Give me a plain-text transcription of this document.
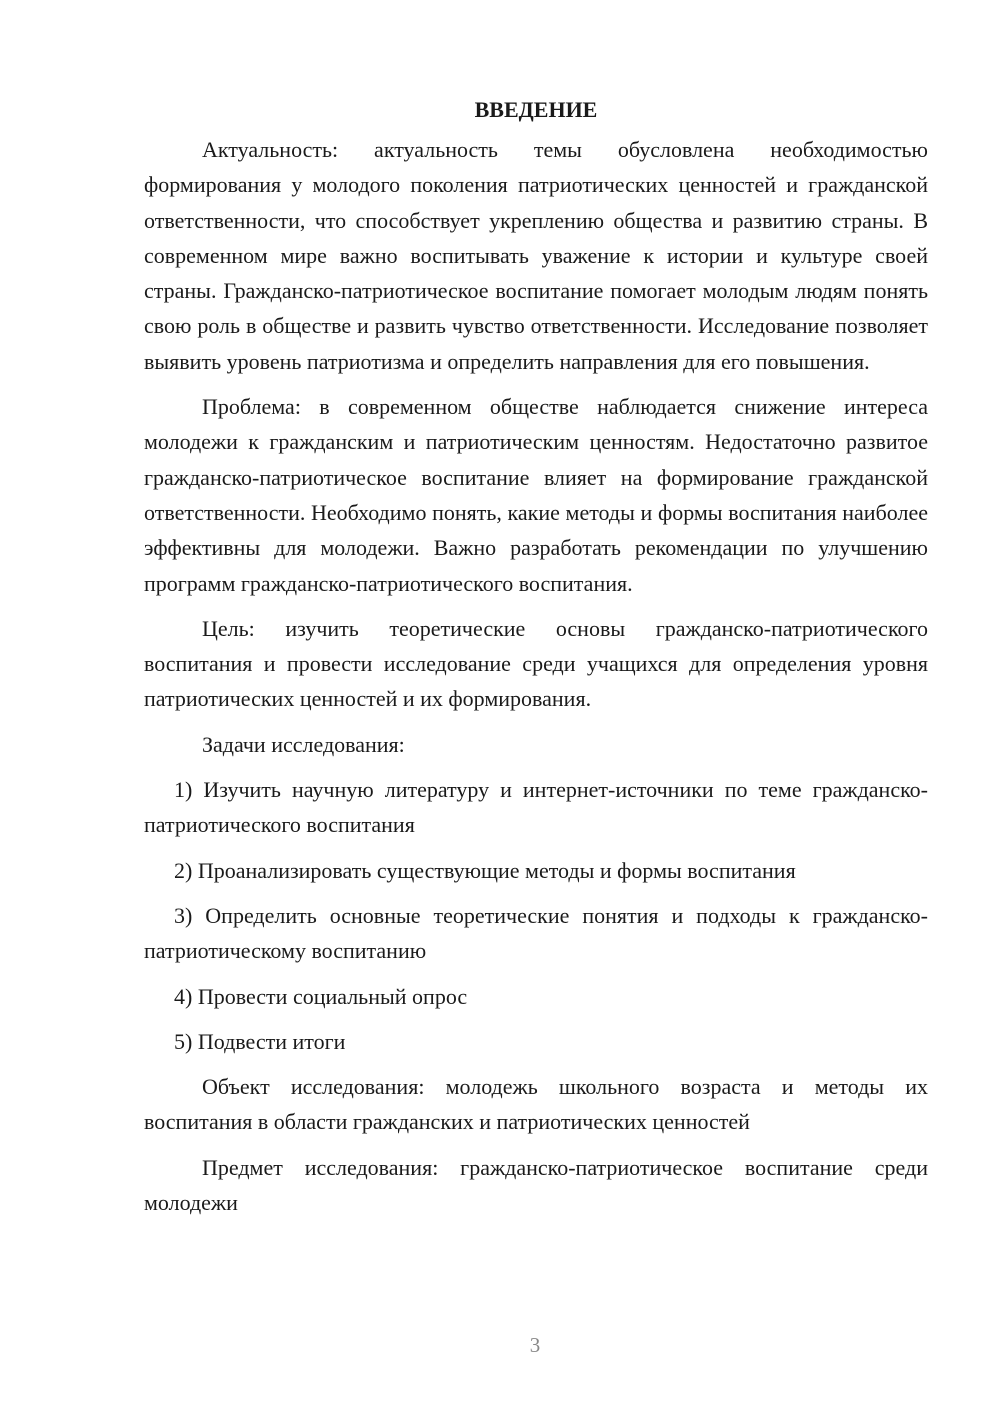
ВВЕДЕНИЕ

Актуальность: актуальность темы обусловлена необходимостью формирования у молодого поколения патриотических ценностей и гражданской ответственности, что способствует укреплению общества и развитию страны. В современном мире важно воспитывать уважение к истории и культуре своей страны. Гражданско-патриотическое воспитание помогает молодым людям понять свою роль в обществе и развить чувство ответственности. Исследование позволяет выявить уровень патриотизма и определить направления для его повышения.

Проблема: в современном обществе наблюдается снижение интереса молодежи к гражданским и патриотическим ценностям. Недостаточно развитое гражданско-патриотическое воспитание влияет на формирование гражданской ответственности. Необходимо понять, какие методы и формы воспитания наиболее эффективны для молодежи. Важно разработать рекомендации по улучшению программ гражданско-патриотического воспитания.

Цель: изучить теоретические основы гражданско-патриотического воспитания и провести исследование среди учащихся для определения уровня патриотических ценностей и их формирования.

Задачи исследования:

1) Изучить научную литературу и интернет-источники по теме гражданско-патриотического воспитания

2) Проанализировать существующие методы и формы воспитания

3) Определить основные теоретические понятия и подходы к гражданско-патриотическому воспитанию

4) Провести социальный опрос

5) Подвести итоги

Объект исследования: молодежь школьного возраста и методы их воспитания в области гражданских и патриотических ценностей

Предмет исследования: гражданско-патриотическое воспитание среди молодежи

3
